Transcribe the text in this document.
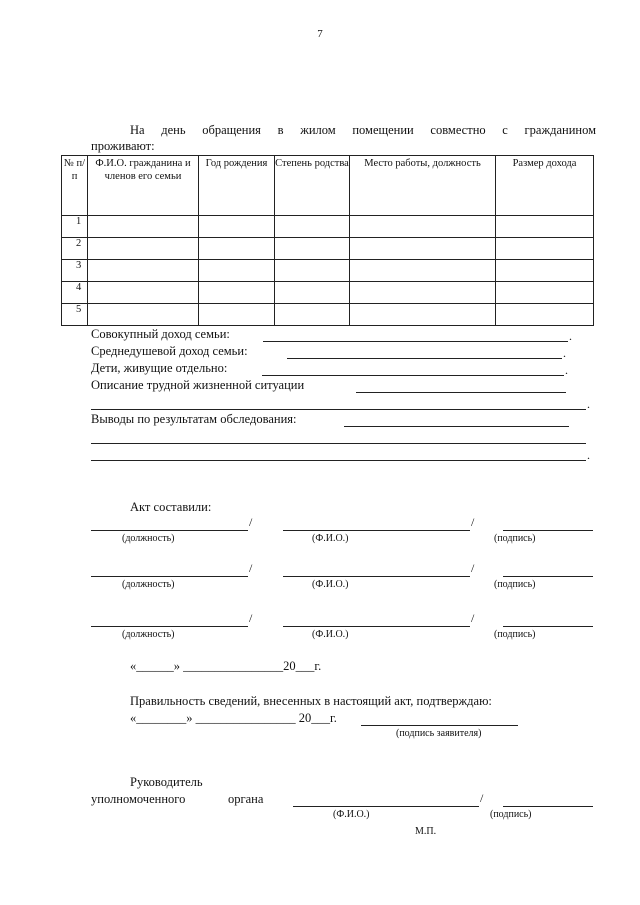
7
На день обращения в жилом помещении совместно с гражданином
проживают:
№ п/п	Ф.И.О. гражданина и членов его семьи	Год рождения	Степень родства	Место работы, должность	Размер дохода
1					
2					
3					
4					
5					
Совокупный доход семьи:	.
Среднедушевой доход семьи:	.
Дети, живущие отдельно:	.
Описание трудной жизненной ситуации
.
Выводы по результатам обследования:
.
Акт составили:
/	/
(должность)	(Ф.И.О.)	(подпись)
/	/
(должность)	(Ф.И.О.)	(подпись)
/	/
(должность)	(Ф.И.О.)	(подпись)
«______» ________________20___г.
Правильность сведений, внесенных в настоящий акт, подтверждаю:
«________» ________________ 20___г.
(подпись заявителя)
Руководитель
уполномоченного	органа	/
(Ф.И.О.)	(подпись)
М.П.
